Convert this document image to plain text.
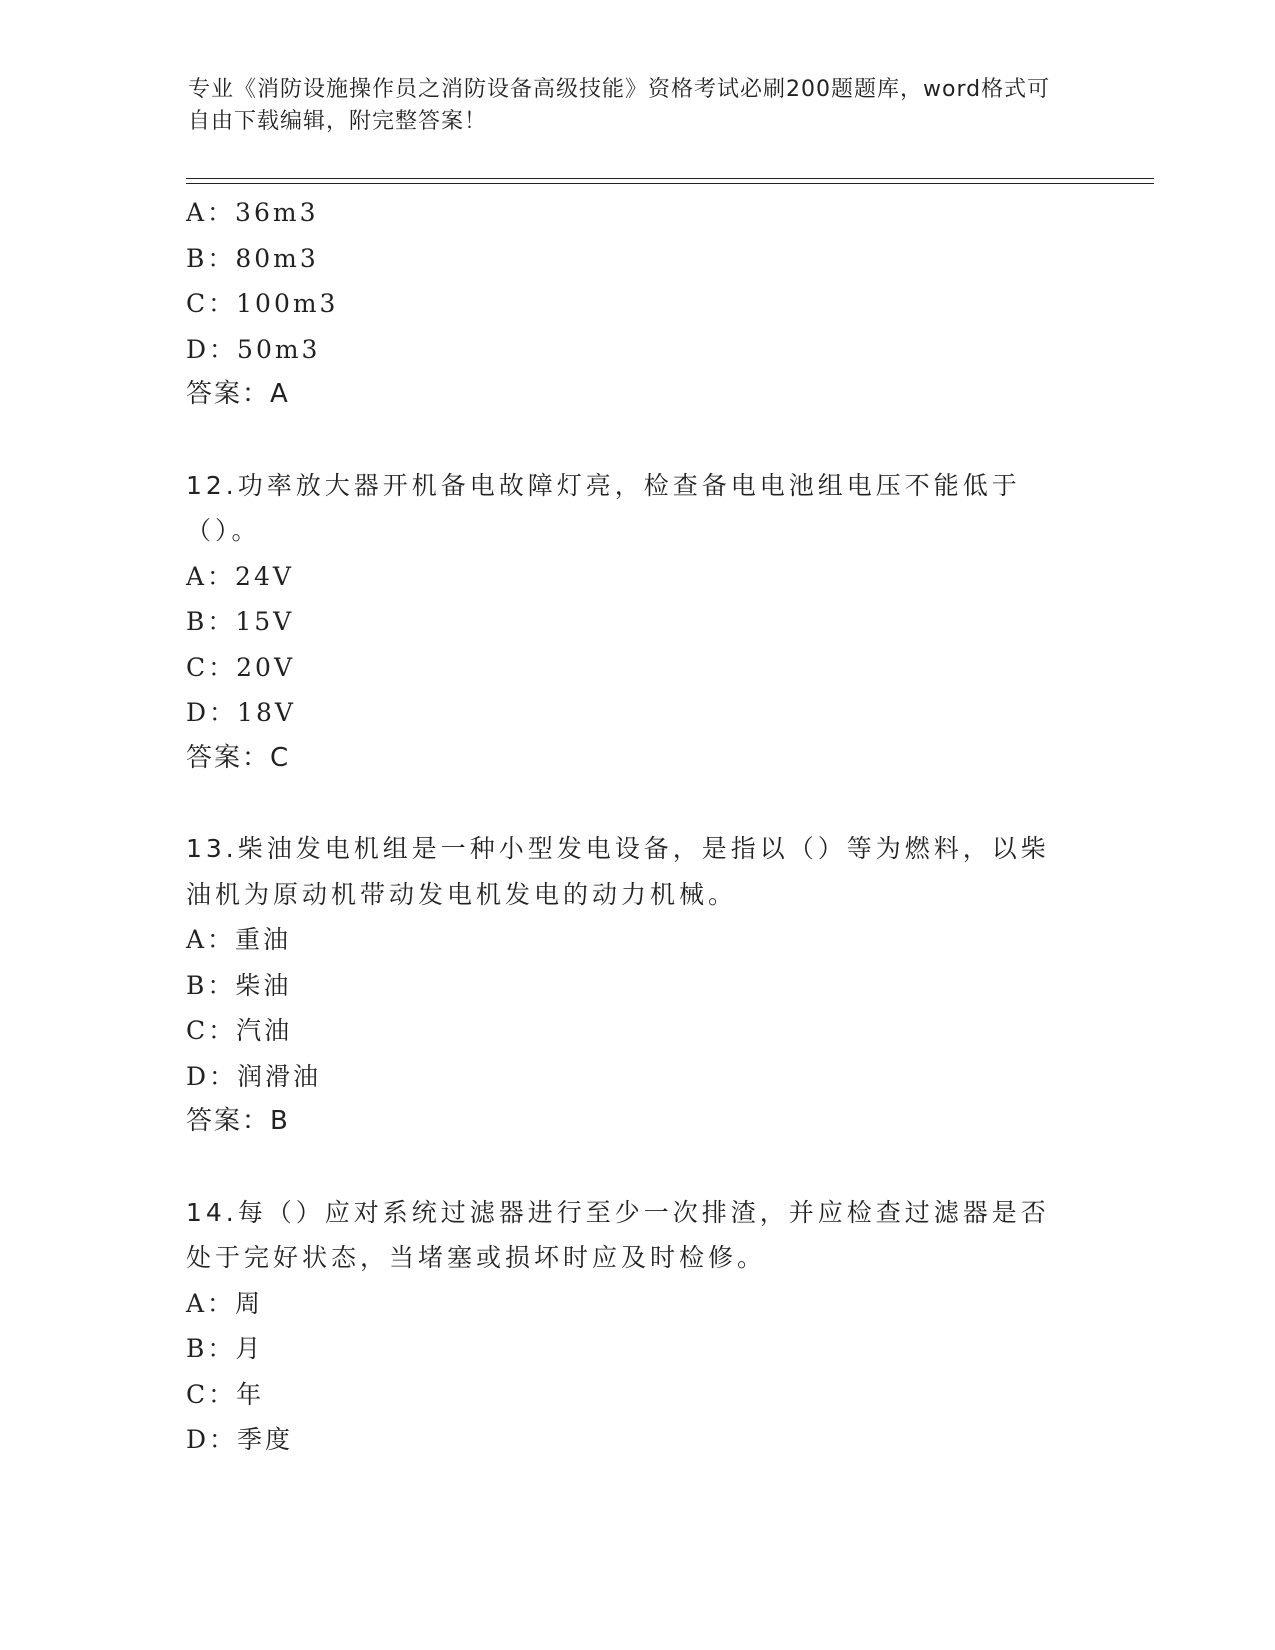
专业《消防设施操作员之消防设备高级技能》资格考试必刷200题题库，word格式可自由下载编辑，附完整答案！
A：36m3
B：80m3
C：100m3
D：50m3
答案：A
12.功率放大器开机备电故障灯亮，检查备电电池组电压不能低于（）。
A：24V
B：15V
C：20V
D：18V
答案：C
13.柴油发电机组是一种小型发电设备，是指以（）等为燃料，以柴油机为原动机带动发电机发电的动力机械。
A：重油
B：柴油
C：汽油
D：润滑油
答案：B
14.每（）应对系统过滤器进行至少一次排渣，并应检查过滤器是否处于完好状态，当堵塞或损坏时应及时检修。
A：周
B：月
C：年
D：季度
